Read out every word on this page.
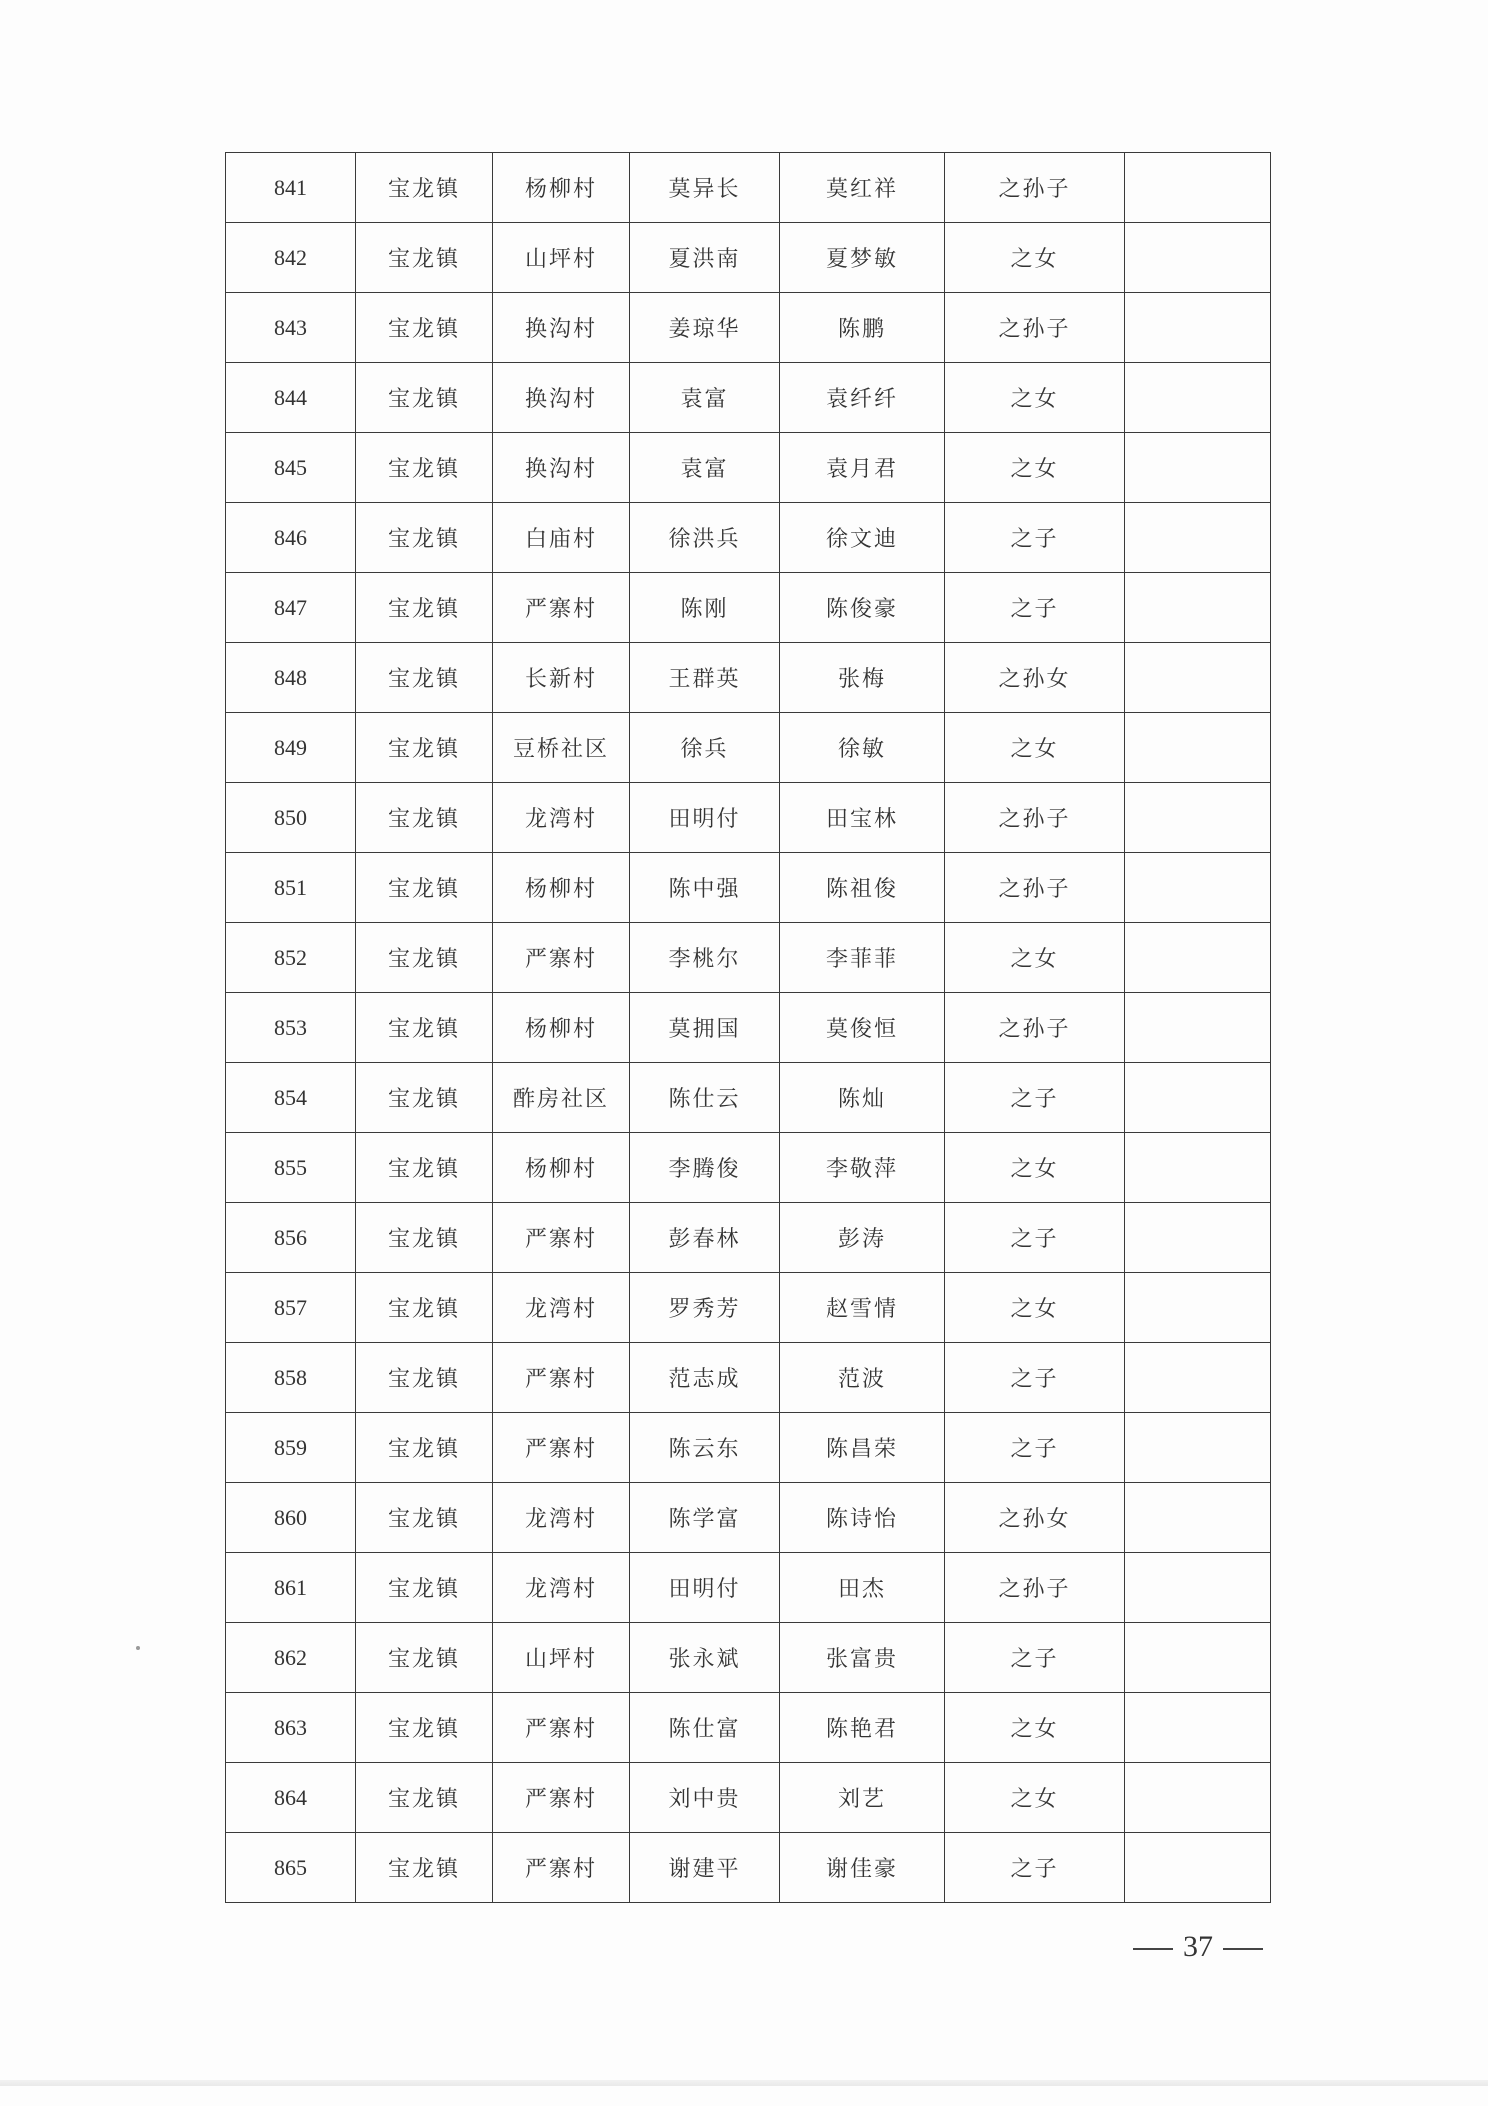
841	宝龙镇	杨柳村	莫异长	莫红祥	之孙子	
842	宝龙镇	山坪村	夏洪南	夏梦敏	之女	
843	宝龙镇	换沟村	姜琼华	陈鹏	之孙子	
844	宝龙镇	换沟村	袁富	袁纤纤	之女	
845	宝龙镇	换沟村	袁富	袁月君	之女	
846	宝龙镇	白庙村	徐洪兵	徐文迪	之子	
847	宝龙镇	严寨村	陈刚	陈俊豪	之子	
848	宝龙镇	长新村	王群英	张梅	之孙女	
849	宝龙镇	豆桥社区	徐兵	徐敏	之女	
850	宝龙镇	龙湾村	田明付	田宝林	之孙子	
851	宝龙镇	杨柳村	陈中强	陈祖俊	之孙子	
852	宝龙镇	严寨村	李桃尔	李菲菲	之女	
853	宝龙镇	杨柳村	莫拥国	莫俊恒	之孙子	
854	宝龙镇	酢房社区	陈仕云	陈灿	之子	
855	宝龙镇	杨柳村	李腾俊	李敬萍	之女	
856	宝龙镇	严寨村	彭春林	彭涛	之子	
857	宝龙镇	龙湾村	罗秀芳	赵雪情	之女	
858	宝龙镇	严寨村	范志成	范波	之子	
859	宝龙镇	严寨村	陈云东	陈昌荣	之子	
860	宝龙镇	龙湾村	陈学富	陈诗怡	之孙女	
861	宝龙镇	龙湾村	田明付	田杰	之孙子	
862	宝龙镇	山坪村	张永斌	张富贵	之子	
863	宝龙镇	严寨村	陈仕富	陈艳君	之女	
864	宝龙镇	严寨村	刘中贵	刘艺	之女	
865	宝龙镇	严寨村	谢建平	谢佳豪	之子	
37
